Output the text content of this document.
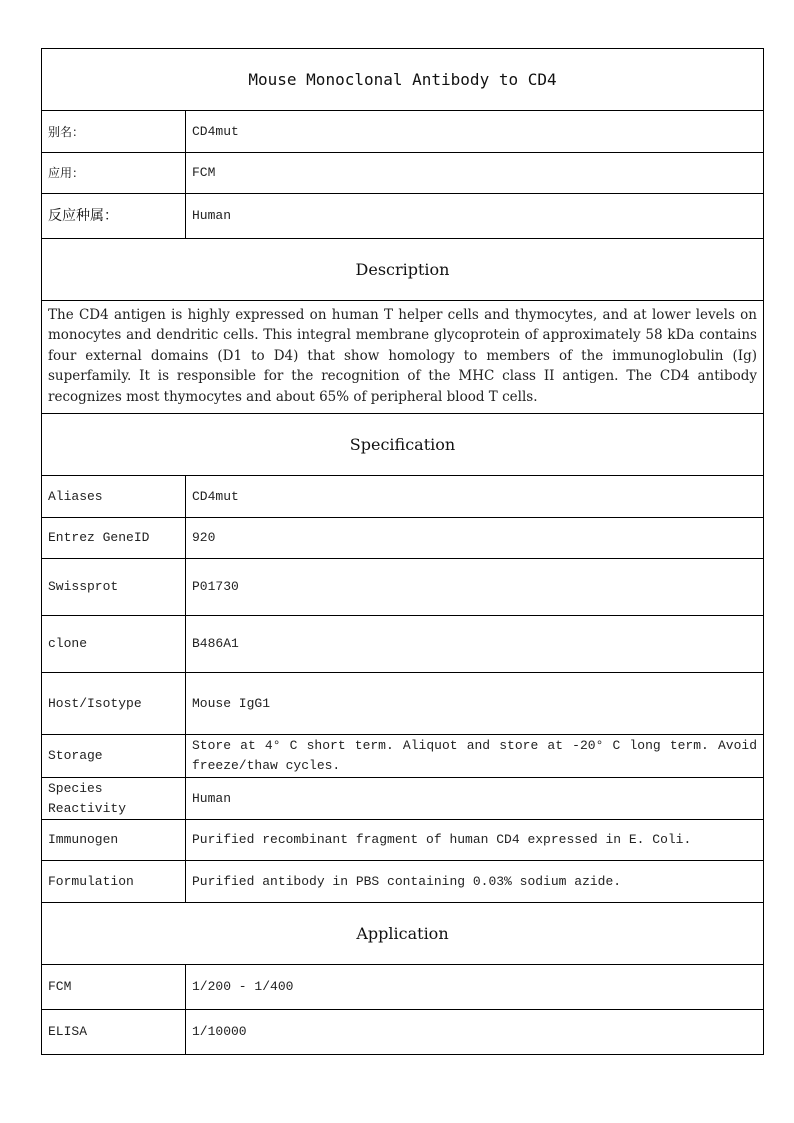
Mouse Monoclonal Antibody to CD4	
别名：	CD4mut
应用：	FCM
反应种属：	Human
Description	
The CD4 antigen is highly expressed on human T helper cells and thymocytes, and at lower levels on monocytes and dendritic cells. This integral membrane glycoprotein of approximately 58 kDa contains four external domains (D1 to D4) that show homology to members of the immunoglobulin (Ig) superfamily. It is responsible for the recognition of the MHC class II antigen. The CD4 antibody recognizes most thymocytes and about 65% of peripheral blood T cells.	
Specification	
Aliases	CD4mut
Entrez GeneID	920
Swissprot	P01730
clone	B486A1
Host/Isotype	Mouse IgG1
Storage	Store at 4° C short term. Aliquot and store at -20° C long term. Avoid freeze/thaw cycles.
Species Reactivity	Human
Immunogen	Purified recombinant fragment of human CD4 expressed in E. Coli.
Formulation	Purified antibody in PBS containing 0.03% sodium azide.
Application	
FCM	1/200 - 1/400
ELISA	1/10000
